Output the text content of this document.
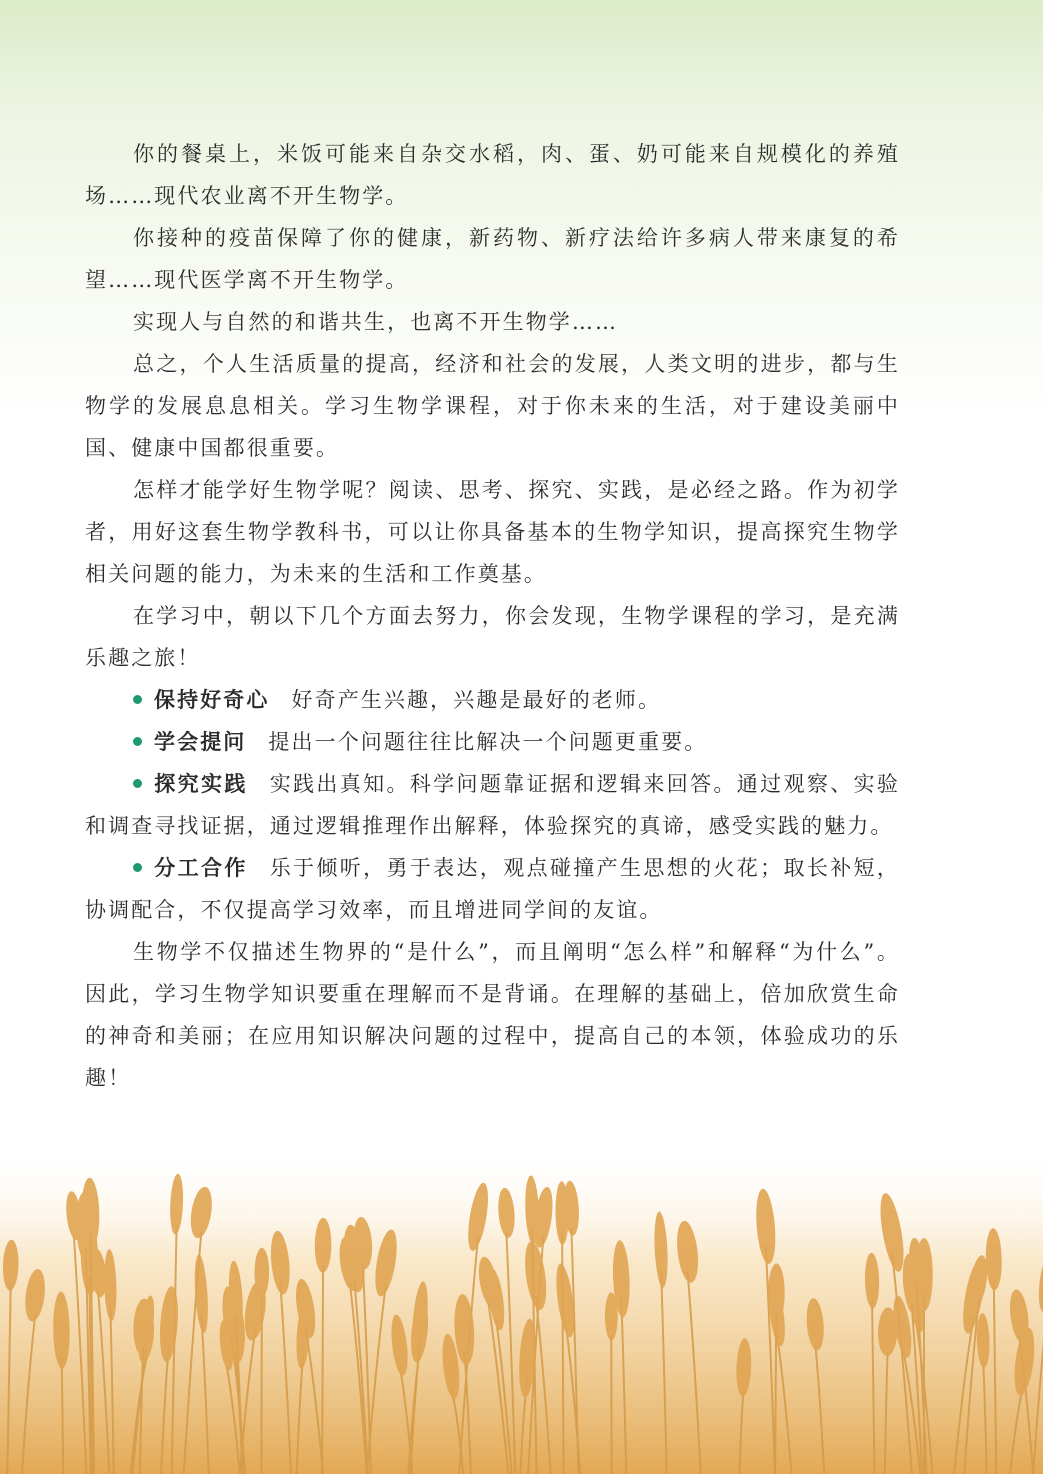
你的餐桌上，米饭可能来自杂交水稻，肉、蛋、奶可能来自规模化的养殖场……现代农业离不开生物学。

你接种的疫苗保障了你的健康，新药物、新疗法给许多病人带来康复的希望……现代医学离不开生物学。

实现人与自然的和谐共生，也离不开生物学……

总之，个人生活质量的提高，经济和社会的发展，人类文明的进步，都与生物学的发展息息相关。学习生物学课程，对于你未来的生活，对于建设美丽中国、健康中国都很重要。

怎样才能学好生物学呢？阅读、思考、探究、实践，是必经之路。作为初学者，用好这套生物学教科书，可以让你具备基本的生物学知识，提高探究生物学相关问题的能力，为未来的生活和工作奠基。

在学习中，朝以下几个方面去努力，你会发现，生物学课程的学习，是充满乐趣之旅！

保持好奇心 好奇产生兴趣，兴趣是最好的老师。

学会提问 提出一个问题往往比解决一个问题更重要。

探究实践 实践出真知。科学问题靠证据和逻辑来回答。通过观察、实验和调查寻找证据，通过逻辑推理作出解释，体验探究的真谛，感受实践的魅力。

分工合作 乐于倾听，勇于表达，观点碰撞产生思想的火花；取长补短，协调配合，不仅提高学习效率，而且增进同学间的友谊。

生物学不仅描述生物界的“是什么”，而且阐明“怎么样”和解释“为什么”。因此，学习生物学知识要重在理解而不是背诵。在理解的基础上，倍加欣赏生命的神奇和美丽；在应用知识解决问题的过程中，提高自己的本领，体验成功的乐趣！
